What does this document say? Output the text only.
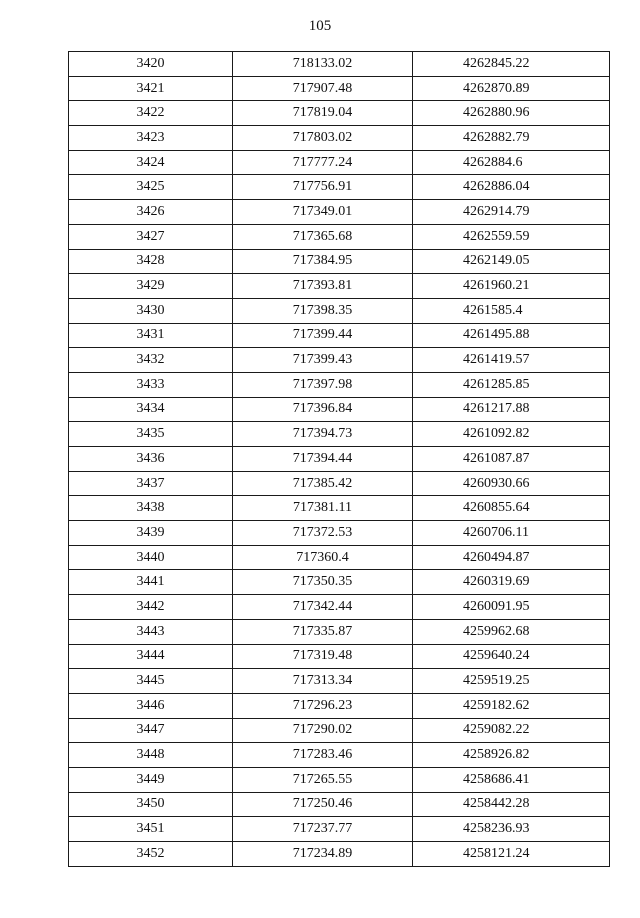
105
3420	718133.02	4262845.22
3421	717907.48	4262870.89
3422	717819.04	4262880.96
3423	717803.02	4262882.79
3424	717777.24	4262884.6
3425	717756.91	4262886.04
3426	717349.01	4262914.79
3427	717365.68	4262559.59
3428	717384.95	4262149.05
3429	717393.81	4261960.21
3430	717398.35	4261585.4
3431	717399.44	4261495.88
3432	717399.43	4261419.57
3433	717397.98	4261285.85
3434	717396.84	4261217.88
3435	717394.73	4261092.82
3436	717394.44	4261087.87
3437	717385.42	4260930.66
3438	717381.11	4260855.64
3439	717372.53	4260706.11
3440	717360.4	4260494.87
3441	717350.35	4260319.69
3442	717342.44	4260091.95
3443	717335.87	4259962.68
3444	717319.48	4259640.24
3445	717313.34	4259519.25
3446	717296.23	4259182.62
3447	717290.02	4259082.22
3448	717283.46	4258926.82
3449	717265.55	4258686.41
3450	717250.46	4258442.28
3451	717237.77	4258236.93
3452	717234.89	4258121.24
